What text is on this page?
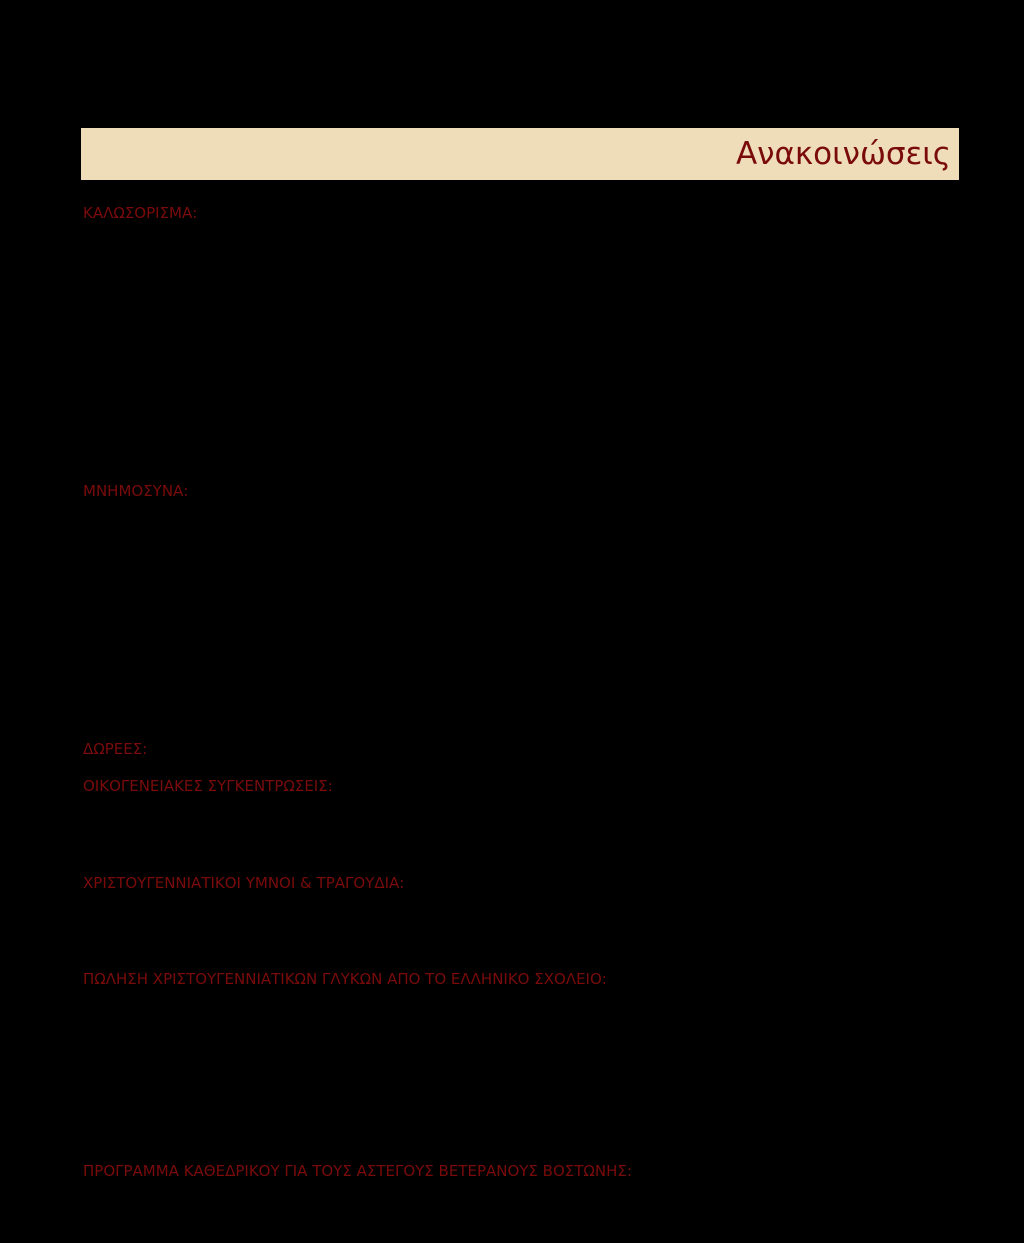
Ανακοινώσεις
ΚΑΛΩΣΟΡΙΣΜΑ:
ΜΝΗΜΟΣΥΝΑ:
ΔΩΡΕΕΣ:
ΟΙΚΟΓΕΝΕΙΑΚΕΣ ΣΥΓΚΕΝΤΡΩΣΕΙΣ:
ΧΡΙΣΤΟΥΓΕΝΝΙΑΤΙΚΟΙ ΥΜΝΟΙ & ΤΡΑΓΟΥΔΙΑ:
ΠΩΛΗΣΗ ΧΡΙΣΤΟΥΓΕΝΝΙΑΤΙΚΩΝ ΓΛΥΚΩΝ ΑΠΟ ΤΟ ΕΛΛΗΝΙΚΟ ΣΧΟΛΕΙΟ:
ΠΡΟΓΡΑΜΜΑ ΚΑΘΕΔΡΙΚΟΥ ΓΙΑ ΤΟΥΣ ΑΣΤΕΓΟΥΣ ΒΕΤΕΡΑΝΟΥΣ ΒΟΣΤΩΝΗΣ:
